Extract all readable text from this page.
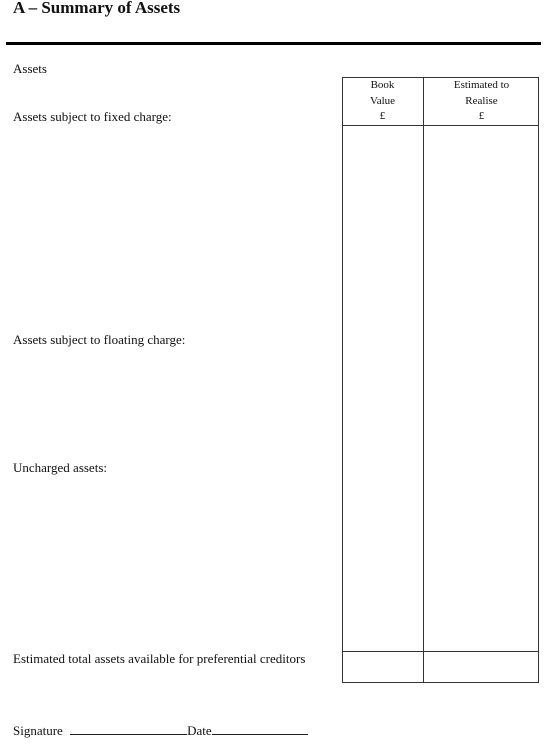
A – Summary of Assets
Assets
Book
Value
£
Estimated to
Realise
£
Assets subject to fixed charge:
Assets subject to floating charge:
Uncharged assets:
Estimated total assets available for preferential creditors
Signature	Date
